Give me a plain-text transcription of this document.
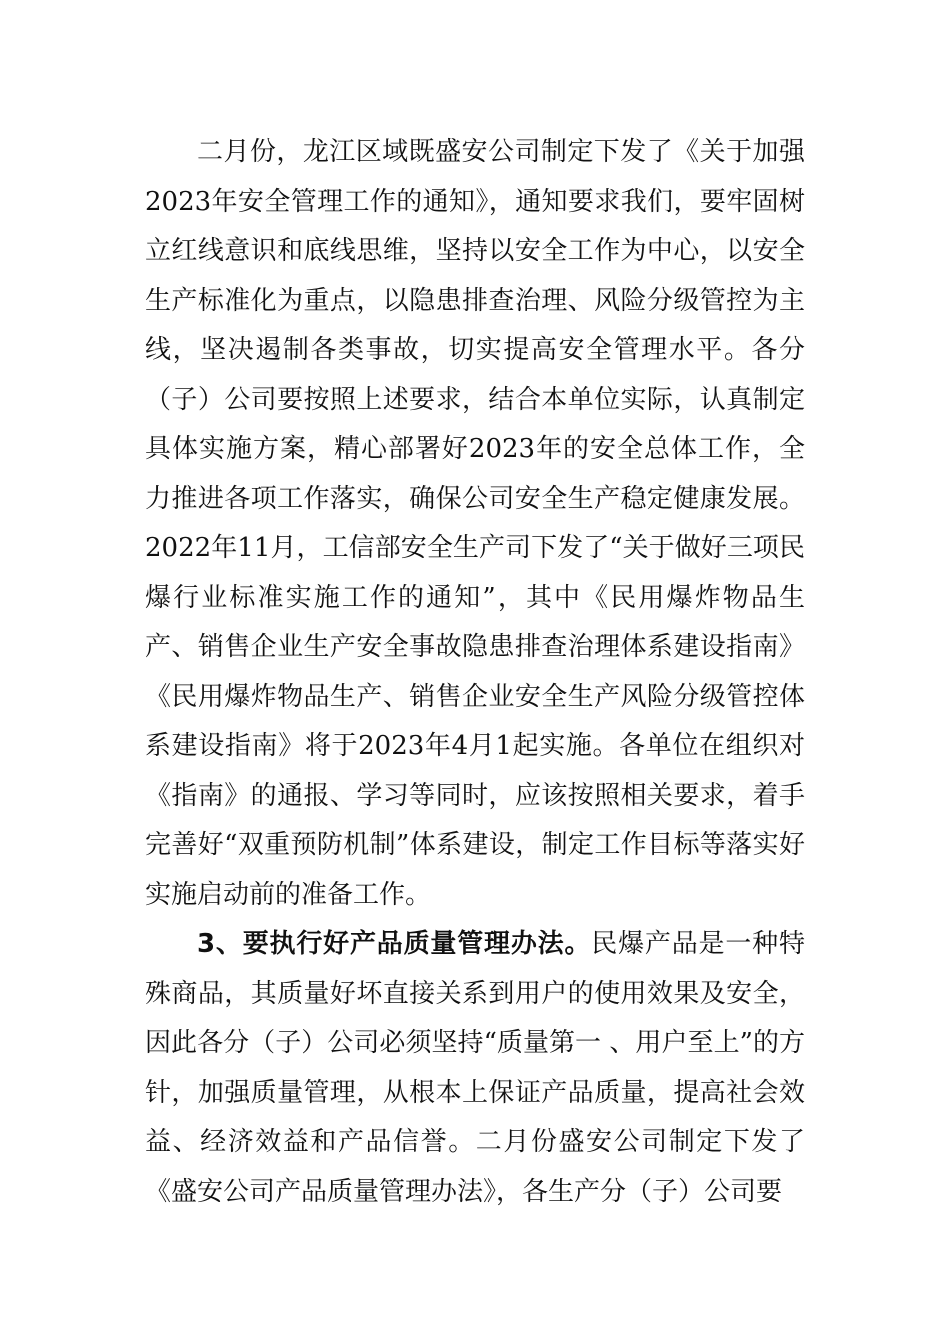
二月份，龙江区域既盛安公司制定下发了《关于加强2023年安全管理工作的通知》，通知要求我们，要牢固树立红线意识和底线思维，坚持以安全工作为中心，以安全生产标准化为重点，以隐患排查治理、风险分级管控为主线，坚决遏制各类事故，切实提高安全管理水平。各分（子）公司要按照上述要求，结合本单位实际，认真制定具体实施方案，精心部署好2023年的安全总体工作，全力推进各项工作落实，确保公司安全生产稳定健康发展。2022年11月，工信部安全生产司下发了“关于做好三项民爆行业标准实施工作的通知”，其中《民用爆炸物品生产、销售企业生产安全事故隐患排查治理体系建设指南》《民用爆炸物品生产、销售企业安全生产风险分级管控体系建设指南》将于2023年4月1起实施。各单位在组织对《指南》的通报、学习等同时，应该按照相关要求，着手完善好“双重预防机制”体系建设，制定工作目标等落实好实施启动前的准备工作。

3、要执行好产品质量管理办法。民爆产品是一种特殊商品，其质量好坏直接关系到用户的使用效果及安全，因此各分（子）公司必须坚持“质量第一 、用户至上”的方针，加强质量管理，从根本上保证产品质量，提高社会效益、经济效益和产品信誉。二月份盛安公司制定下发了《盛安公司产品质量管理办法》，各生产分（子）公司要
